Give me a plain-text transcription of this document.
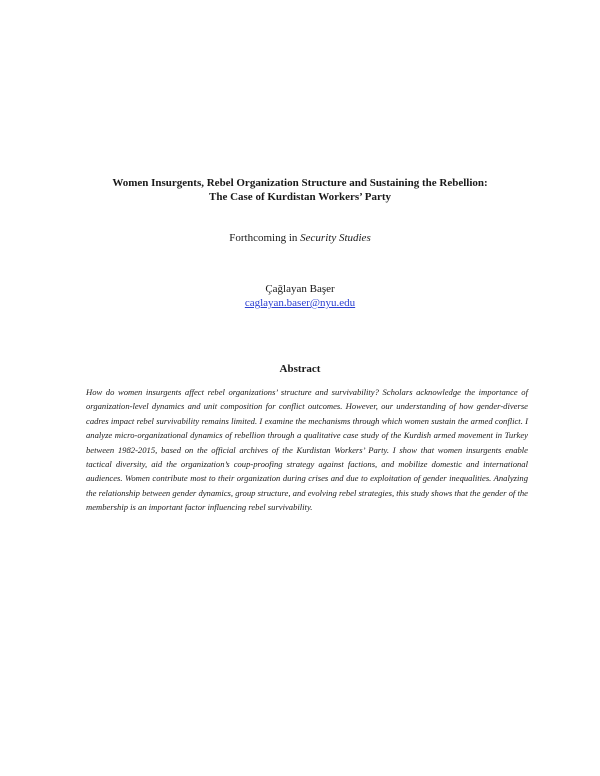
Women Insurgents, Rebel Organization Structure and Sustaining the Rebellion:
The Case of Kurdistan Workers’ Party
Forthcoming in Security Studies
Çağlayan Başer
caglayan.baser@nyu.edu
Abstract
How do women insurgents affect rebel organizations’ structure and survivability? Scholars acknowledge the importance of organization-level dynamics and unit composition for conflict outcomes. However, our understanding of how gender-diverse cadres impact rebel survivability remains limited. I examine the mechanisms through which women sustain the armed conflict. I analyze micro-organizational dynamics of rebellion through a qualitative case study of the Kurdish armed movement in Turkey between 1982-2015, based on the official archives of the Kurdistan Workers’ Party. I show that women insurgents enable tactical diversity, aid the organization’s coup-proofing strategy against factions, and mobilize domestic and international audiences. Women contribute most to their organization during crises and due to exploitation of gender inequalities. Analyzing the relationship between gender dynamics, group structure, and evolving rebel strategies, this study shows that the gender of the membership is an important factor influencing rebel survivability.
